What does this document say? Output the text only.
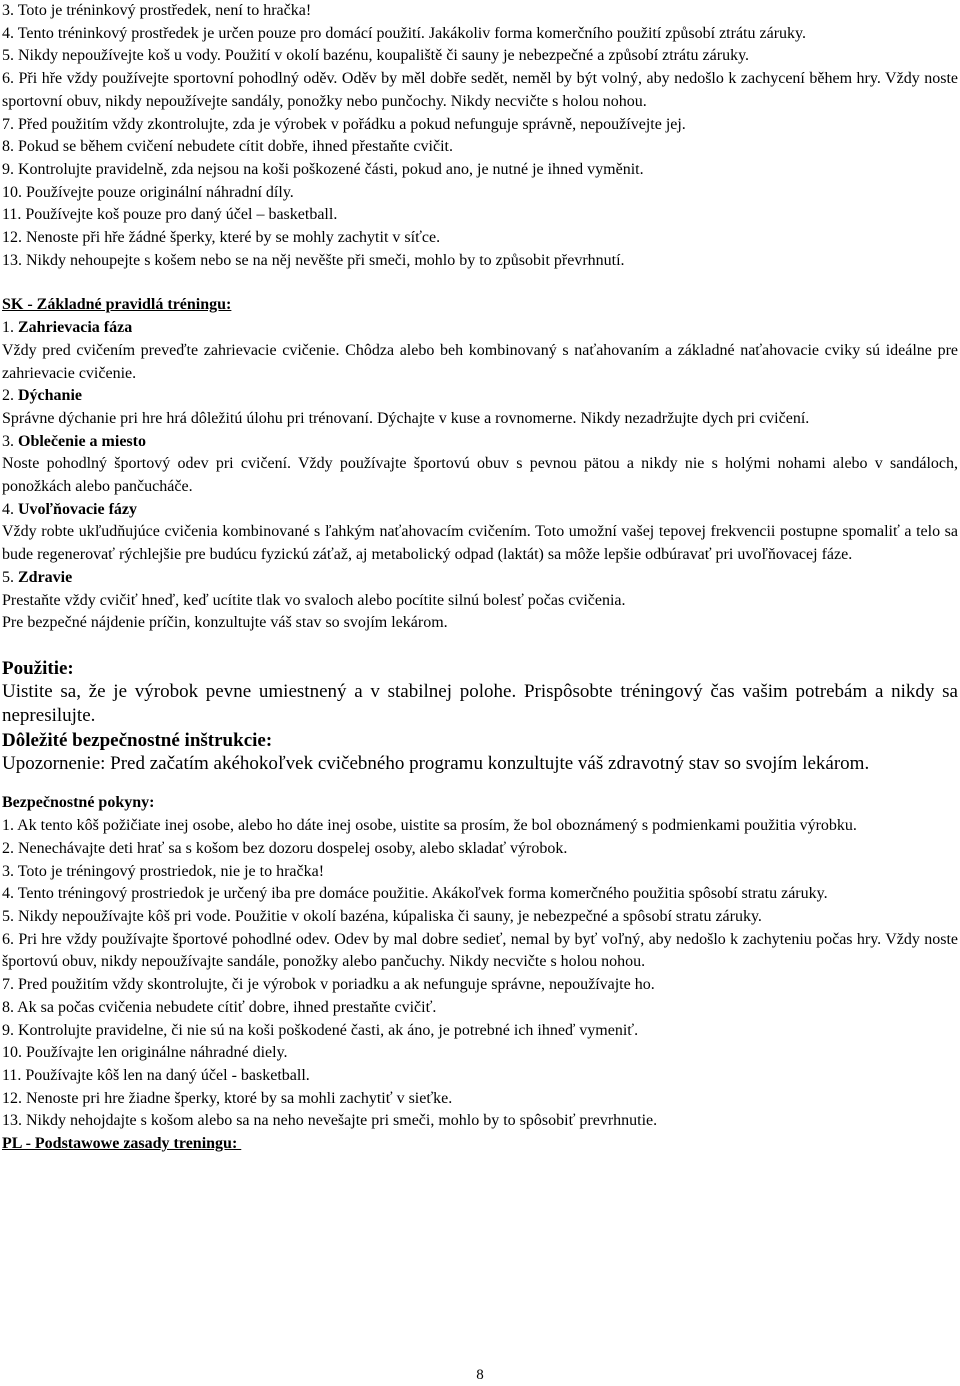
3. Toto je tréninkový prostředek, není to hračka!

4. Tento tréninkový prostředek je určen pouze pro domácí použití. Jakákoliv forma komerčního použití způsobí ztrátu záruky.

5. Nikdy nepoužívejte koš u vody. Použití v okolí bazénu, koupaliště či sauny je nebezpečné a způsobí ztrátu záruky.

6. Při hře vždy používejte sportovní pohodlný oděv. Oděv by měl dobře sedět, neměl by být volný, aby nedošlo k zachycení během hry. Vždy noste sportovní obuv, nikdy nepoužívejte sandály, ponožky nebo punčochy. Nikdy necvičte s holou nohou.

7. Před použitím vždy zkontrolujte, zda je výrobek v pořádku a pokud nefunguje správně, nepoužívejte jej.

8. Pokud se během cvičení nebudete cítit dobře, ihned přestaňte cvičit.

9. Kontrolujte pravidelně, zda nejsou na koši poškozené části, pokud ano, je nutné je ihned vyměnit.

10. Používejte pouze originální náhradní díly.

11. Používejte koš pouze pro daný účel – basketball.

12. Nenoste při hře žádné šperky, které by se mohly zachytit v síťce.

13. Nikdy nehoupejte s košem nebo se na něj nevěšte při smeči, mohlo by to způsobit převrhnutí.

SK - Základné pravidlá tréningu:

1. Zahrievacia fáza

Vždy pred cvičením preveďte zahrievacie cvičenie. Chôdza alebo beh kombinovaný s naťahovaním a základné naťahovacie cviky sú ideálne pre zahrievacie cvičenie.

2. Dýchanie

Správne dýchanie pri hre hrá dôležitú úlohu pri trénovaní. Dýchajte v kuse a rovnomerne. Nikdy nezadržujte dych pri cvičení.

3. Oblečenie a miesto

Noste pohodlný športový odev pri cvičení. Vždy používajte športovú obuv s pevnou pätou a nikdy nie s holými nohami alebo v sandáloch, ponožkách alebo pančucháče.

4. Uvoľňovacie fázy

Vždy robte ukľudňujúce cvičenia kombinované s ľahkým naťahovacím cvičením. Toto umožní vašej tepovej frekvencii postupne spomaliť a telo sa bude regenerovať rýchlejšie pre budúcu fyzickú záťaž, aj metabolický odpad (laktát) sa môže lepšie odbúravať pri uvoľňovacej fáze.

5. Zdravie

Prestaňte vždy cvičiť hneď, keď ucítite tlak vo svaloch alebo pocítite silnú bolesť počas cvičenia.

Pre bezpečné nájdenie príčin, konzultujte váš stav so svojím lekárom.

Použitie:

Uistite sa, že je výrobok pevne umiestnený a v stabilnej polohe. Prispôsobte tréningový čas vašim potrebám a nikdy sa nepresilujte.

Dôležité bezpečnostné inštrukcie:

Upozornenie: Pred začatím akéhokoľvek cvičebného programu konzultujte váš zdravotný stav so svojím lekárom.

Bezpečnostné pokyny:

1. Ak tento kôš požičiate inej osobe, alebo ho dáte inej osobe, uistite sa prosím, že bol oboznámený s podmienkami použitia výrobku.

2. Nenechávajte deti hrať sa s košom bez dozoru dospelej osoby, alebo skladať výrobok.

3. Toto je tréningový prostriedok, nie je to hračka!

4. Tento tréningový prostriedok je určený iba pre domáce použitie. Akákoľvek forma komerčného použitia spôsobí stratu záruky.

5. Nikdy nepoužívajte kôš pri vode. Použitie v okolí bazéna, kúpaliska či sauny, je nebezpečné a spôsobí stratu záruky.

6. Pri hre vždy používajte športové pohodlné odev. Odev by mal dobre sedieť, nemal by byť voľný, aby nedošlo k zachyteniu počas hry. Vždy noste športovú obuv, nikdy nepoužívajte sandále, ponožky alebo pančuchy. Nikdy necvičte s holou nohou.

7. Pred použitím vždy skontrolujte, či je výrobok v poriadku a ak nefunguje správne, nepoužívajte ho.

8. Ak sa počas cvičenia nebudete cítiť dobre, ihned prestaňte cvičiť.

9. Kontrolujte pravidelne, či nie sú na koši poškodené časti, ak áno, je potrebné ich ihneď vymeniť.

10. Používajte len originálne náhradné diely.

11. Používajte kôš len na daný účel - basketball.

12. Nenoste pri hre žiadne šperky, ktoré by sa mohli zachytiť v sieťke.

13. Nikdy nehojdajte s košom alebo sa na neho nevešajte pri smeči, mohlo by to spôsobiť prevrhnutie.

PL - Podstawowe zasady treningu:

8
